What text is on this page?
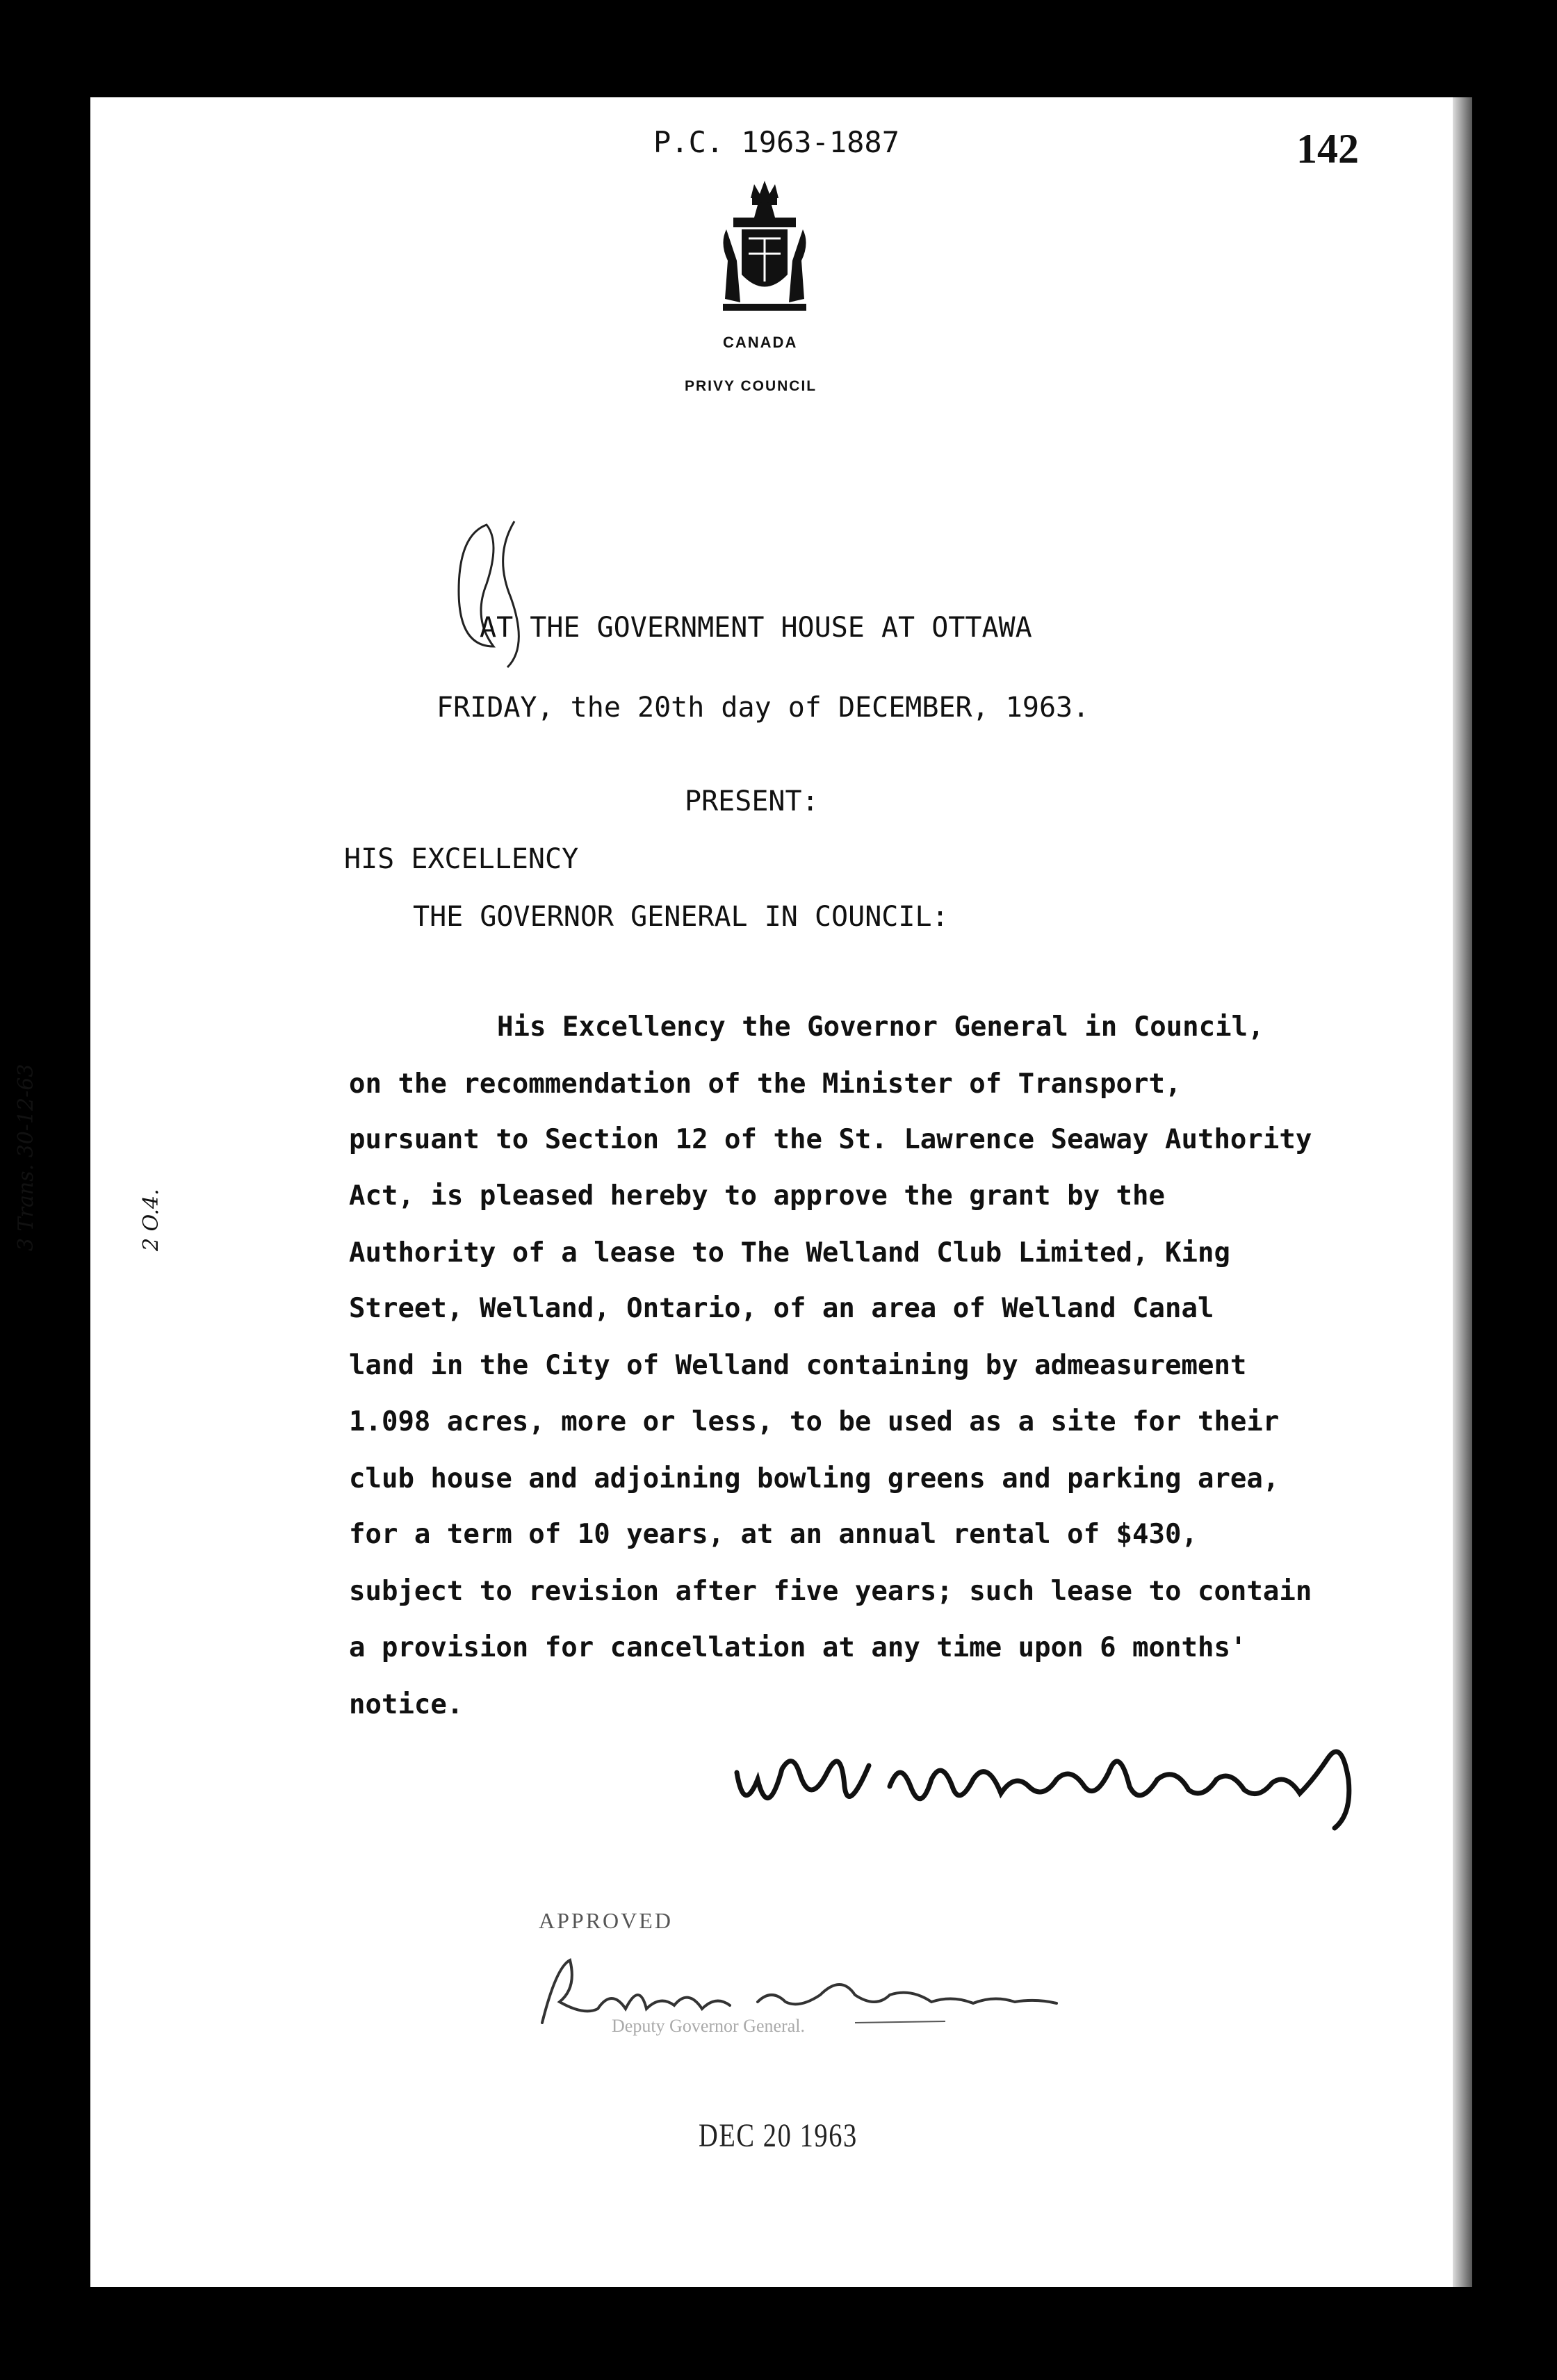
P.C. 1963-1887	142
CANADA
PRIVY COUNCIL
3 Trans. 30-12-63	2 O.4.
AT THE GOVERNMENT HOUSE AT OTTAWA
FRIDAY, the 20th day of DECEMBER, 1963.
PRESENT:
HIS EXCELLENCY
THE GOVERNOR GENERAL IN COUNCIL:
His Excellency the Governor General in Council,
on the recommendation of the Minister of Transport,
pursuant to Section 12 of the St. Lawrence Seaway Authority
Act, is pleased hereby to approve the grant by the
Authority of a lease to The Welland Club Limited, King
Street, Welland, Ontario, of an area of Welland Canal
land in the City of Welland containing by admeasurement
1.098 acres, more or less, to be used as a site for their
club house and adjoining bowling greens and parking area,
for a term of 10 years, at an annual rental of $430,
subject to revision after five years; such lease to contain
a provision for cancellation at any time upon 6 months'
notice.
APPROVED
Deputy Governor General.
DEC 20 1963
